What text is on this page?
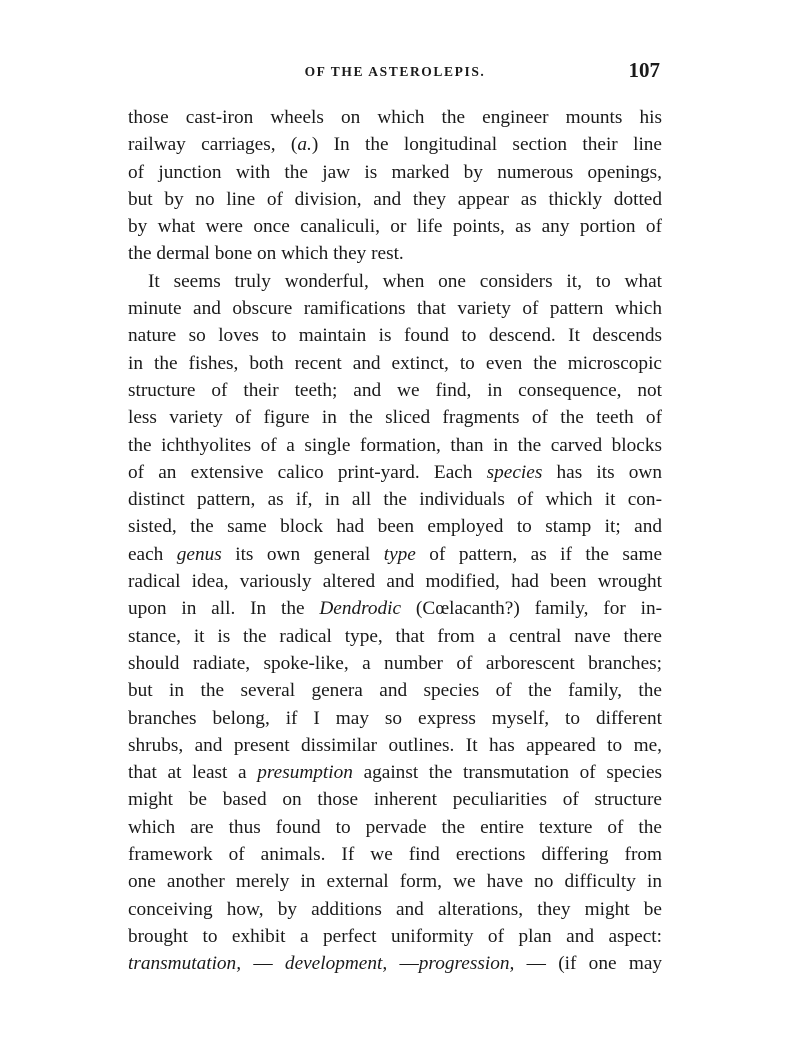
OF THE ASTEROLEPIS.	107
those cast-iron wheels on which the engineer mounts his
railway carriages, (a.) In the longitudinal section their line
of junction with the jaw is marked by numerous openings,
but by no line of division, and they appear as thickly dotted
by what were once canaliculi, or life points, as any portion of
the dermal bone on which they rest.
It seems truly wonderful, when one considers it, to what
minute and obscure ramifications that variety of pattern which
nature so loves to maintain is found to descend. It descends
in the fishes, both recent and extinct, to even the microscopic
structure of their teeth; and we find, in consequence, not
less variety of figure in the sliced fragments of the teeth of
the ichthyolites of a single formation, than in the carved blocks
of an extensive calico print-yard. Each species has its own
distinct pattern, as if, in all the individuals of which it con-
sisted, the same block had been employed to stamp it; and
each genus its own general type of pattern, as if the same
radical idea, variously altered and modified, had been wrought
upon in all. In the Dendrodic (Cœlacanth?) family, for in-
stance, it is the radical type, that from a central nave there
should radiate, spoke-like, a number of arborescent branches;
but in the several genera and species of the family, the
branches belong, if I may so express myself, to different
shrubs, and present dissimilar outlines. It has appeared to me,
that at least a presumption against the transmutation of species
might be based on those inherent peculiarities of structure
which are thus found to pervade the entire texture of the
framework of animals. If we find erections differing from
one another merely in external form, we have no difficulty in
conceiving how, by additions and alterations, they might be
brought to exhibit a perfect uniformity of plan and aspect:
transmutation, — development, —progression, — (if one may
